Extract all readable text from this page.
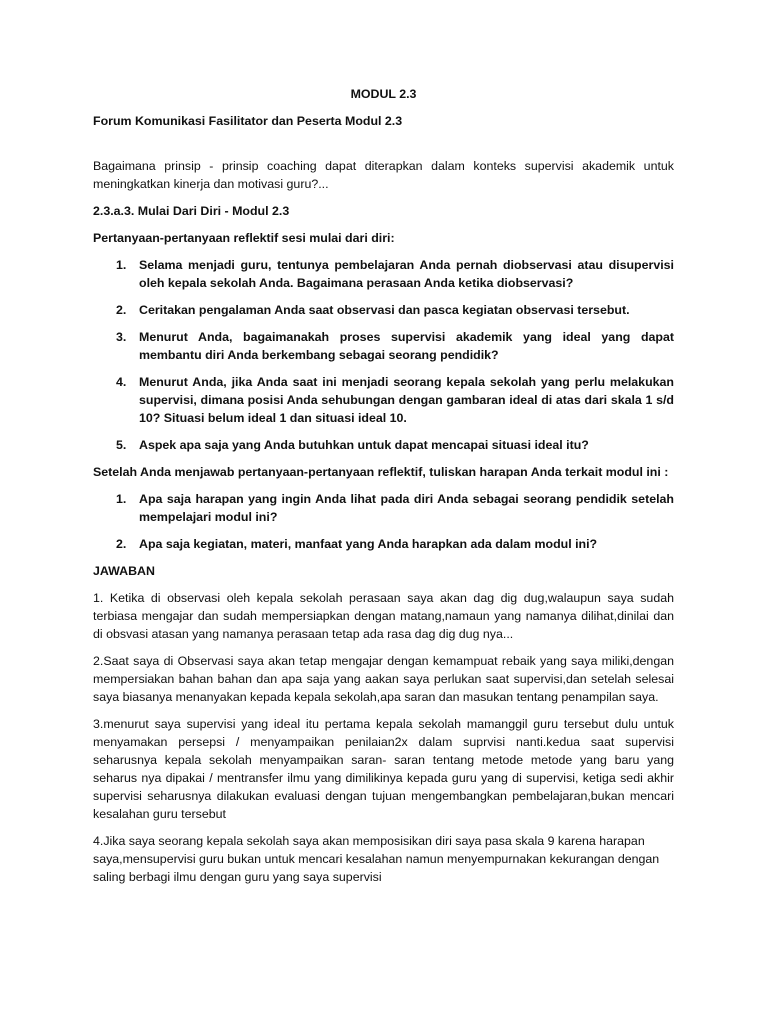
MODUL 2.3

Forum Komunikasi Fasilitator dan Peserta Modul 2.3

Bagaimana prinsip - prinsip coaching dapat diterapkan dalam konteks supervisi akademik untuk meningkatkan kinerja dan motivasi guru?...

2.3.a.3. Mulai Dari Diri - Modul 2.3

Pertanyaan-pertanyaan reflektif sesi mulai dari diri:

1. Selama menjadi guru, tentunya pembelajaran Anda pernah diobservasi atau disupervisi oleh kepala sekolah Anda. Bagaimana perasaan Anda ketika diobservasi?
2. Ceritakan pengalaman Anda saat observasi dan pasca kegiatan observasi tersebut.
3. Menurut Anda, bagaimanakah proses supervisi akademik yang ideal yang dapat membantu diri Anda berkembang sebagai seorang pendidik?
4. Menurut Anda, jika Anda saat ini menjadi seorang kepala sekolah yang perlu melakukan supervisi, dimana posisi Anda sehubungan dengan gambaran ideal di atas dari skala 1 s/d 10? Situasi belum ideal 1 dan situasi ideal 10.
5. Aspek apa saja yang Anda butuhkan untuk dapat mencapai situasi ideal itu?

Setelah Anda menjawab pertanyaan-pertanyaan reflektif, tuliskan harapan Anda terkait modul ini :

1. Apa saja harapan yang ingin Anda lihat pada diri Anda sebagai seorang pendidik setelah mempelajari modul ini?
2. Apa saja kegiatan, materi, manfaat yang Anda harapkan ada dalam modul ini?

JAWABAN

1. Ketika di observasi oleh kepala sekolah perasaan saya akan dag dig dug,walaupun saya sudah terbiasa mengajar dan sudah mempersiapkan dengan matang,namaun yang namanya dilihat,dinilai dan di obsvasi atasan yang namanya perasaan tetap ada rasa dag dig dug nya...

2.Saat saya di Observasi saya akan tetap mengajar dengan kemampuat rebaik yang saya miliki,dengan mempersiakan bahan bahan dan apa saja yang aakan saya perlukan saat supervisi,dan setelah selesai saya biasanya menanyakan kepada kepala sekolah,apa saran dan masukan tentang penampilan saya.

3.menurut saya supervisi yang ideal itu pertama kepala sekolah mamanggil guru tersebut dulu untuk menyamakan persepsi / menyampaikan penilaian2x dalam suprvisi nanti.kedua saat supervisi seharusnya kepala sekolah menyampaikan saran- saran tentang metode metode yang baru yang seharus nya dipakai / mentransfer ilmu yang dimilikinya kepada guru yang di supervisi, ketiga sedi akhir supervisi seharusnya dilakukan evaluasi dengan tujuan mengembangkan pembelajaran,bukan mencari kesalahan guru tersebut

4.Jika saya seorang kepala sekolah saya akan memposisikan diri saya pasa skala 9 karena harapan saya,mensupervisi guru bukan untuk mencari kesalahan namun menyempurnakan kekurangan dengan saling berbagi ilmu dengan guru yang saya supervisi
